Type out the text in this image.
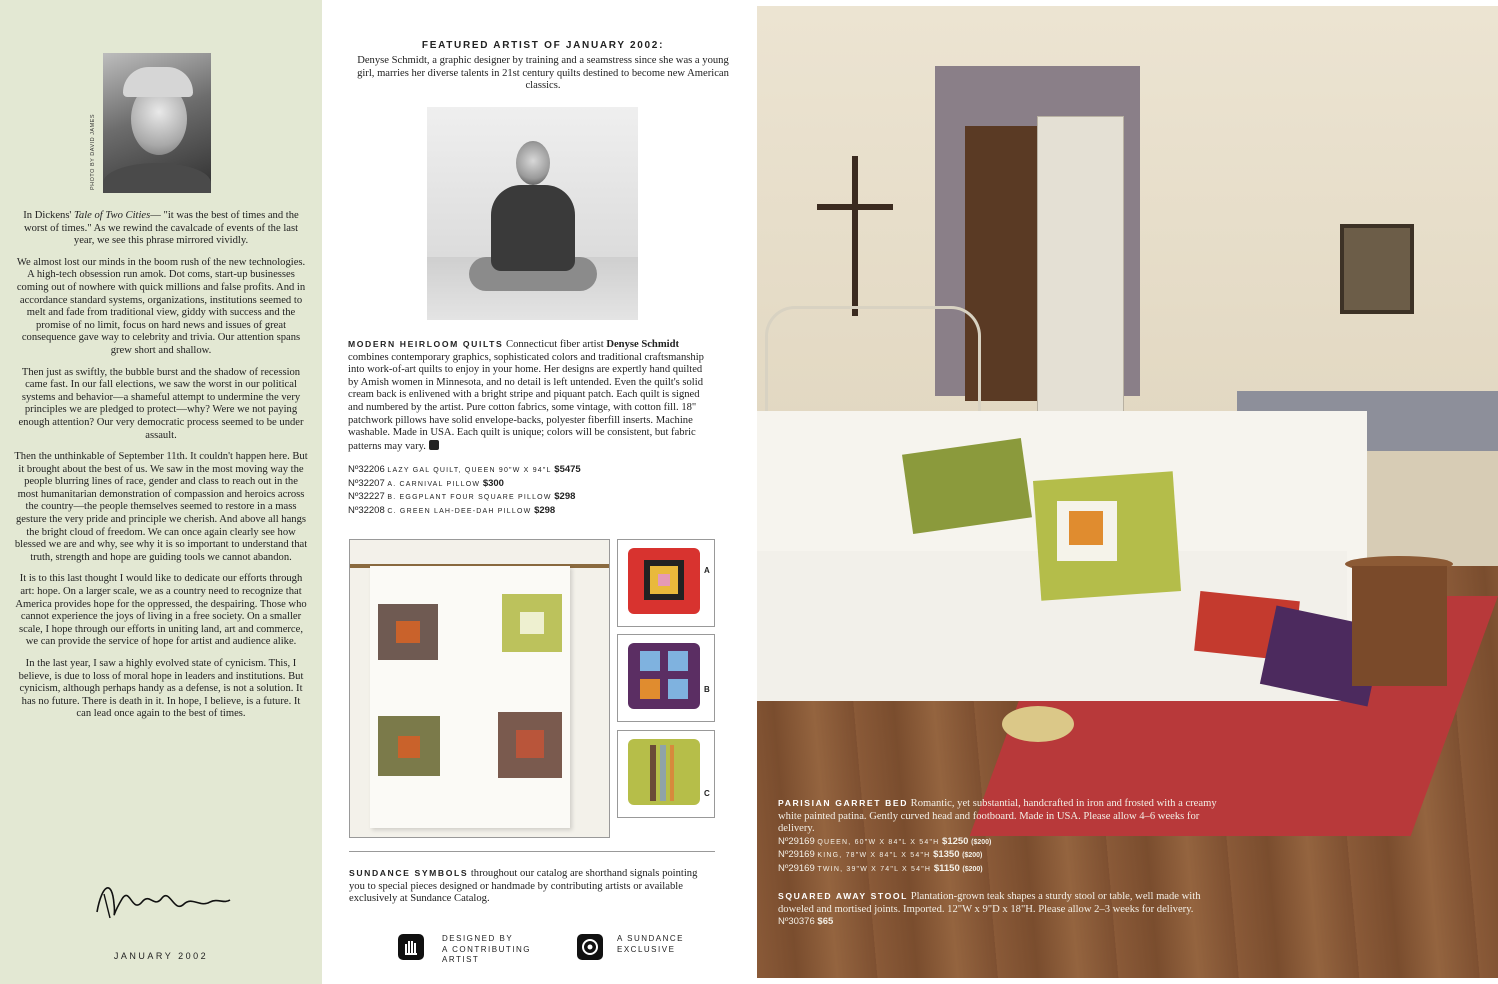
PHOTO BY DAVID JAMES

In Dickens' Tale of Two Cities— "it was the best of times and the worst of times." As we rewind the cavalcade of events of the last year, we see this phrase mirrored vividly.

We almost lost our minds in the boom rush of the new technologies. A high-tech obsession run amok. Dot coms, start-up businesses coming out of nowhere with quick millions and false profits. And in accordance standard systems, organizations, institutions seemed to melt and fade from traditional view, giddy with success and the promise of no limit, focus on hard news and issues of great consequence gave way to celebrity and trivia. Our attention spans grew short and shallow.

Then just as swiftly, the bubble burst and the shadow of recession came fast. In our fall elections, we saw the worst in our political systems and behavior—a shameful attempt to undermine the very principles we are pledged to protect—why? Were we not paying enough attention? Our very democratic process seemed to be under assault.

Then the unthinkable of September 11th. It couldn't happen here. But it brought about the best of us. We saw in the most moving way the people blurring lines of race, gender and class to reach out in the most humanitarian demonstration of compassion and heroics across the country—the people themselves seemed to restore in a mass gesture the very pride and principle we cherish. And above all hangs the bright cloud of freedom. We can once again clearly see how blessed we are and why, see why it is so important to understand that truth, strength and hope are guiding tools we cannot abandon.

It is to this last thought I would like to dedicate our efforts through art: hope. On a larger scale, we as a country need to recognize that America provides hope for the oppressed, the despairing. Those who cannot experience the joys of living in a free society. On a smaller scale, I hope through our efforts in uniting land, art and commerce, we can provide the service of hope for artist and audience alike.

In the last year, I saw a highly evolved state of cynicism. This, I believe, is due to loss of moral hope in leaders and institutions. But cynicism, although perhaps handy as a defense, is not a solution. It has no future. There is death in it. In hope, I believe, is a future. It can lead once again to the best of times.

JANUARY 2002
FEATURED ARTIST OF JANUARY 2002:
Denyse Schmidt, a graphic designer by training and a seamstress since she was a young girl, marries her diverse talents in 21st century quilts destined to become new American classics.
MODERN HEIRLOOM QUILTS Connecticut fiber artist Denyse Schmidt combines contemporary graphics, sophisticated colors and traditional craftsmanship into work-of-art quilts to enjoy in your home. Her designs are expertly hand quilted by Amish women in Minnesota, and no detail is left untended. Even the quilt's solid cream back is enlivened with a bright stripe and piquant patch. Each quilt is signed and numbered by the artist. Pure cotton fabrics, some vintage, with cotton fill. 18" patchwork pillows have solid envelope-backs, polyester fiberfill inserts. Machine washable. Made in USA. Each quilt is unique; colors will be consistent, but fabric patterns may vary.
Nº32206 LAZY GAL QUILT, QUEEN 90"W X 94"L $5475
Nº32207 A. CARNIVAL PILLOW $300
Nº32227 B. EGGPLANT FOUR SQUARE PILLOW $298
Nº32208 C. GREEN LAH-DEE-DAH PILLOW $298
A
B
C
SUNDANCE SYMBOLS throughout our catalog are shorthand signals pointing you to special pieces designed or handmade by contributing artists or available exclusively at Sundance Catalog.
DESIGNED BY
A CONTRIBUTING
ARTIST
A SUNDANCE
EXCLUSIVE
PARISIAN GARRET BED Romantic, yet substantial, handcrafted in iron and frosted with a creamy white painted patina. Gently curved head and footboard. Made in USA. Please allow 4–6 weeks for delivery.
Nº29169 QUEEN, 60"W X 84"L X 54"H $1250 ($200)
Nº29169 KING, 78"W X 84"L X 54"H $1350 ($200)
Nº29169 TWIN, 39"W X 74"L X 54"H $1150 ($200)
SQUARED AWAY STOOL Plantation-grown teak shapes a sturdy stool or table, well made with doweled and mortised joints. Imported. 12"W x 9"D x 18"H. Please allow 2–3 weeks for delivery. Nº30376 $65
